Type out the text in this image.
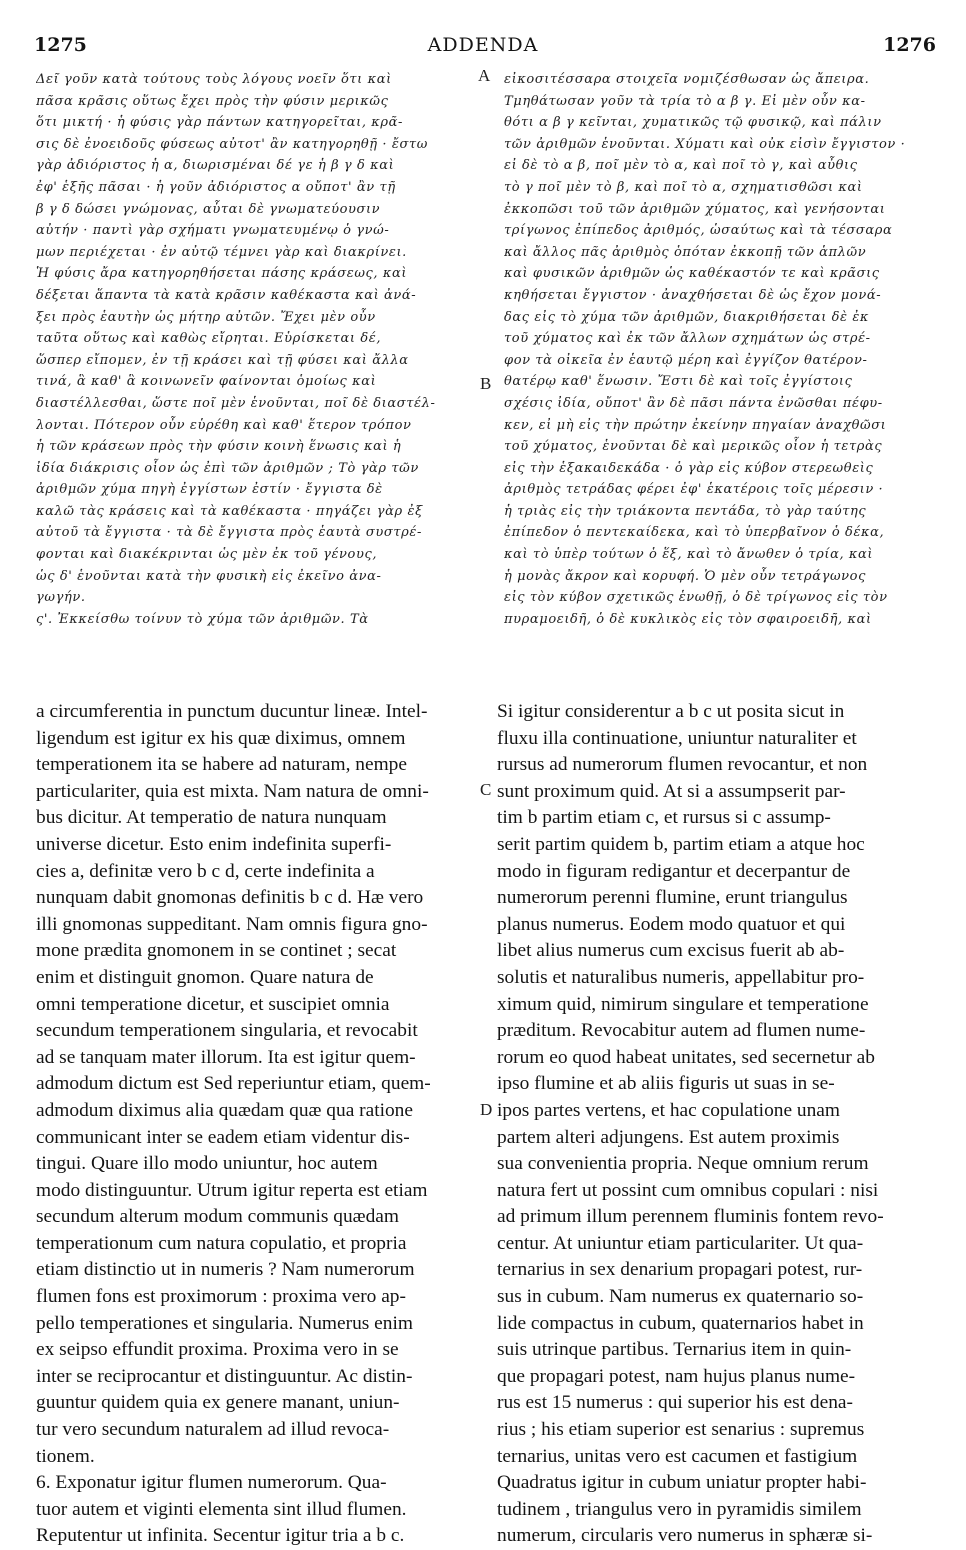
1275	ADDENDA	1276
A
B
C
D
Δεῖ γοῦν κατὰ τούτους τοὺς λόγους νοεῖν ὅτι καὶ
πᾶσα κρᾶσις οὕτως ἔχει πρὸς τὴν φύσιν μερικῶς
ὅτι μικτή · ἡ φύσις γὰρ πάντων κατηγορεῖται, κρᾶ-
σις δὲ ἐνοειδοῦς φύσεως αὐτοτ' ἂν κατηγορηθῇ · ἔστω
γὰρ ἀδιόριστος ἡ α, διωρισμέναι δέ γε ἡ β γ δ καὶ
ἐφ' ἑξῆς πᾶσαι · ἡ γοῦν ἀδιόριστος α οὔποτ' ἂν τῇ
β γ δ δώσει γνώμονας, αὗται δὲ γνωματεύουσιν
αὐτήν · παντὶ γὰρ σχήματι γνωματευμένῳ ὁ γνώ-
μων περιέχεται · ἐν αὐτῷ τέμνει γὰρ καὶ διακρίνει.
Ἡ φύσις ἄρα κατηγορηθήσεται πάσης κράσεως, καὶ
δέξεται ἅπαντα τὰ κατὰ κρᾶσιν καθέκαστα καὶ ἀνά-
ξει πρὸς ἑαυτὴν ὡς μήτηρ αὐτῶν. Ἔχει μὲν οὖν
ταῦτα οὕτως καὶ καθὼς εἴρηται. Εὑρίσκεται δέ,
ὥσπερ εἴπομεν, ἐν τῇ κράσει καὶ τῇ φύσει καὶ ἄλλα
τινά, ἃ καθ' ἃ κοινωνεῖν φαίνονται ὁμοίως καὶ
διαστέλλεσθαι, ὥστε ποῖ μὲν ἑνοῦνται, ποῖ δὲ διαστέλ-
λονται. Πότερον οὖν εὑρέθη καὶ καθ' ἕτερον τρόπον
ἡ τῶν κράσεων πρὸς τὴν φύσιν κοινὴ ἕνωσις καὶ ἡ
ἰδία διάκρισις οἷον ὡς ἐπὶ τῶν ἀριθμῶν ; Τὸ γὰρ τῶν
ἀριθμῶν χύμα πηγὴ ἐγγίστων ἐστίν · ἔγγιστα δὲ
καλῶ τὰς κράσεις καὶ τὰ καθέκαστα · πηγάζει γὰρ ἐξ
αὐτοῦ τὰ ἔγγιστα · τὰ δὲ ἔγγιστα πρὸς ἑαυτὰ συστρέ-
φονται καὶ διακέκρινται ὡς μὲν ἐκ τοῦ γένους,
ὡς δ' ἑνοῦνται κατὰ τὴν φυσικὴ εἰς ἐκεῖνο ἀνα-
γωγήν.
ς'. Ἐκκείσθω τοίνυν τὸ χύμα τῶν ἀριθμῶν. Τὰ
εἰκοσιτέσσαρα στοιχεῖα νομιζέσθωσαν ὡς ἄπειρα.
Τμηθάτωσαν γοῦν τὰ τρία τὸ α β γ. Εἰ μὲν οὖν κα-
θότι α β γ κεῖνται, χυματικῶς τῷ φυσικῷ, καὶ πάλιν
τῶν ἀριθμῶν ἑνοῦνται. Χύματι καὶ οὐκ εἰσὶν ἔγγιστον ·
εἰ δὲ τὸ α β, ποῖ μὲν τὸ α, καὶ ποῖ τὸ γ, καὶ αὖθις
τὸ γ ποῖ μὲν τὸ β, καὶ ποῖ τὸ α, σχηματισθῶσι καὶ
ἐκκοπῶσι τοῦ τῶν ἀριθμῶν χύματος, καὶ γενήσονται
τρίγωνος ἐπίπεδος ἀριθμός, ὡσαύτως καὶ τὰ τέσσαρα
καὶ ἄλλος πᾶς ἀριθμὸς ὁπόταν ἐκκοπῇ τῶν ἁπλῶν
καὶ φυσικῶν ἀριθμῶν ὡς καθέκαστόν τε καὶ κρᾶσις
κηθήσεται ἔγγιστον · ἀναχθήσεται δὲ ὡς ἔχον μονά-
δας εἰς τὸ χύμα τῶν ἀριθμῶν, διακριθήσεται δὲ ἐκ
τοῦ χύματος καὶ ἐκ τῶν ἄλλων σχημάτων ὡς στρέ-
φον τὰ οἰκεῖα ἐν ἑαυτῷ μέρη καὶ ἐγγίζον θατέρον-
θατέρῳ καθ' ἕνωσιν. Ἔστι δὲ καὶ τοῖς ἐγγίστοις
σχέσις ἰδία, οὔποτ' ἂν δὲ πᾶσι πάντα ἐνῶσθαι πέφυ-
κεν, εἰ μὴ εἰς τὴν πρώτην ἐκείνην πηγαίαν ἀναχθῶσι
τοῦ χύματος, ἑνοῦνται δὲ καὶ μερικῶς οἷον ἡ τετρὰς
εἰς τὴν ἑξακαιδεκάδα · ὁ γὰρ εἰς κύβον στερεωθεὶς
ἀριθμὸς τετράδας φέρει ἐφ' ἑκατέροις τοῖς μέρεσιν ·
ἡ τριὰς εἰς τὴν τριάκοντα πεντάδα, τὸ γὰρ ταύτης
ἐπίπεδον ὁ πεντεκαίδεκα, καὶ τὸ ὑπερβαῖνον ὁ δέκα,
καὶ τὸ ὑπὲρ τούτων ὁ ἕξ, καὶ τὸ ἄνωθεν ὁ τρία, καὶ
ἡ μονὰς ἄκρον καὶ κορυφή. Ὁ μὲν οὖν τετράγωνος
εἰς τὸν κύβον σχετικῶς ἑνωθῇ, ὁ δὲ τρίγωνος εἰς τὸν
πυραμοειδῆ, ὁ δὲ κυκλικὸς εἰς τὸν σφαιροειδῆ, καὶ
a circumferentia in punctum ducuntur lineæ. Intel-
ligendum est igitur ex his quæ diximus, omnem
temperationem ita se habere ad naturam, nempe
particulariter, quia est mixta. Nam natura de omni-
bus dicitur. At temperatio de natura nunquam
universe dicetur. Esto enim indefinita superfi-
cies a, definitæ vero b c d, certe indefinita a
nunquam dabit gnomonas definitis b c d. Hæ vero
illi gnomonas suppeditant. Nam omnis figura gno-
mone prædita gnomonem in se continet ; secat
enim et distinguit gnomon. Quare natura de
omni temperatione dicetur, et suscipiet omnia
secundum temperationem singularia, et revocabit
ad se tanquam mater illorum. Ita est igitur quem-
admodum dictum est Sed reperiuntur etiam, quem-
admodum diximus alia quædam quæ qua ratione
communicant inter se eadem etiam videntur dis-
tingui. Quare illo modo uniuntur, hoc autem
modo distinguuntur. Utrum igitur reperta est etiam
secundum alterum modum communis quædam
temperationum cum natura copulatio, et propria
etiam distinctio ut in numeris ? Nam numerorum
flumen fons est proximorum : proxima vero ap-
pello temperationes et singularia. Numerus enim
ex seipso effundit proxima. Proxima vero in se
inter se reciprocantur et distinguuntur. Ac distin-
guuntur quidem quia ex genere manant, uniun-
tur vero secundum naturalem ad illud revoca-
tionem.
6. Exponatur igitur flumen numerorum. Qua-
tuor autem et viginti elementa sint illud flumen.
Reputentur ut infinita. Secentur igitur tria a b c.
Si igitur considerentur a b c ut posita sicut in
fluxu illa continuatione, uniuntur naturaliter et
rursus ad numerorum flumen revocantur, et non
sunt proximum quid. At si a assumpserit par-
tim b partim etiam c, et rursus si c assump-
serit partim quidem b, partim etiam a atque hoc
modo in figuram redigantur et decerpantur de
numerorum perenni flumine, erunt triangulus
planus numerus. Eodem modo quatuor et qui
libet alius numerus cum excisus fuerit ab ab-
solutis et naturalibus numeris, appellabitur pro-
ximum quid, nimirum singulare et temperatione
præditum. Revocabitur autem ad flumen nume-
rorum eo quod habeat unitates, sed secernetur ab
ipso flumine et ab aliis figuris ut suas in se-
ipos partes vertens, et hac copulatione unam
partem alteri adjungens. Est autem proximis
sua convenientia propria. Neque omnium rerum
natura fert ut possint cum omnibus copulari : nisi
ad primum illum perennem fluminis fontem revo-
centur. At uniuntur etiam particulariter. Ut qua-
ternarius in sex denarium propagari potest, rur-
sus in cubum. Nam numerus ex quaternario so-
lide compactus in cubum, quaternarios habet in
suis utrinque partibus. Ternarius item in quin-
que propagari potest, nam hujus planus nume-
rus est 15 numerus : qui superior his est dena-
rius ; his etiam superior est senarius : supremus
ternarius, unitas vero est cacumen et fastigium
Quadratus igitur in cubum uniatur propter habi-
tudinem , triangulus vero in pyramidis similem
numerum, circularis vero numerus in sphæræ si-
